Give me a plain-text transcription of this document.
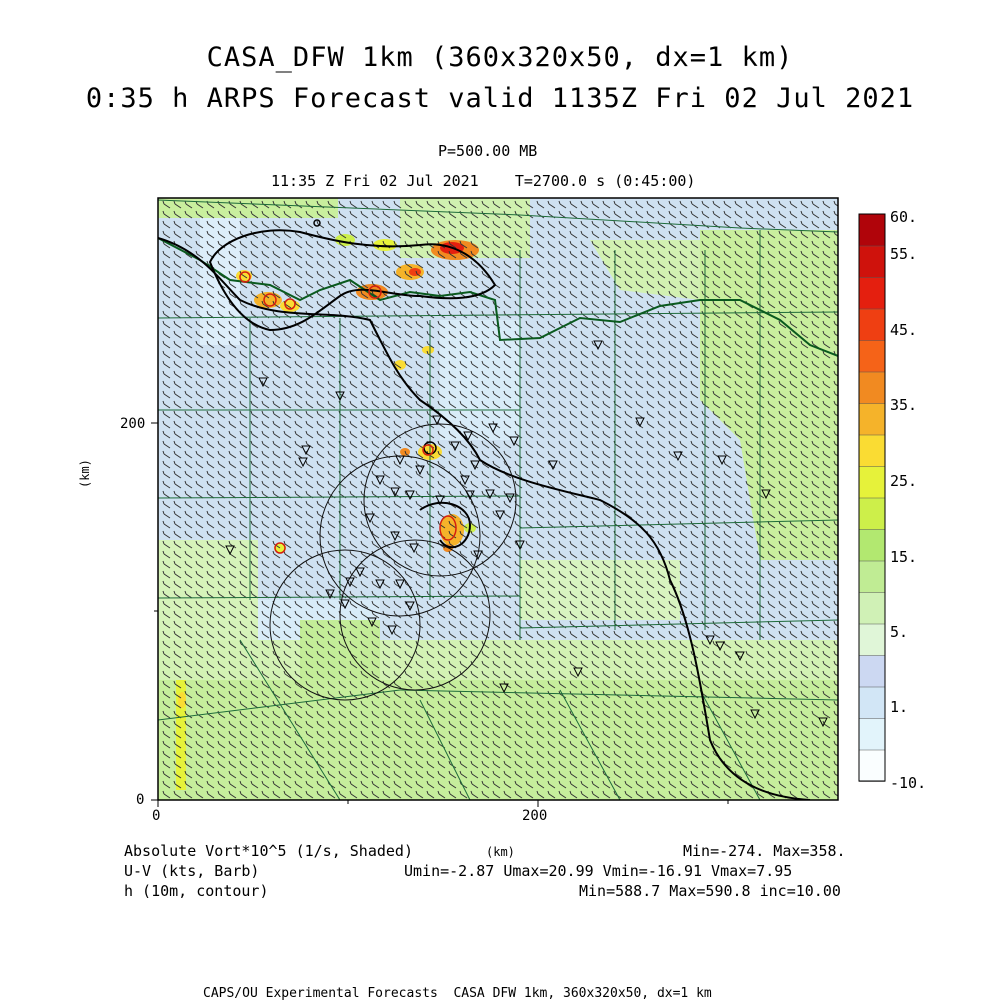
CASA_DFW 1km (360x320x50, dx=1 km)
0:35 h ARPS Forecast valid 1135Z Fri 02 Jul 2021
P=500.00 MB
11:35 Z Fri 02 Jul 2021    T=2700.0 s (0:45:00)
200
0
0	200
(km)
(km)
60.
55.
45.
35.
25.
15.
5.
1.
-10.
Absolute Vort*10^5 (1/s, Shaded)
U-V (kts, Barb)
h (10m, contour)
Min=-274. Max=358.
Umin=-2.87 Umax=20.99 Vmin=-16.91 Vmax=7.95
Min=588.7 Max=590.8 inc=10.00
CAPS/OU Experimental Forecasts  CASA DFW 1km, 360x320x50, dx=1 km
